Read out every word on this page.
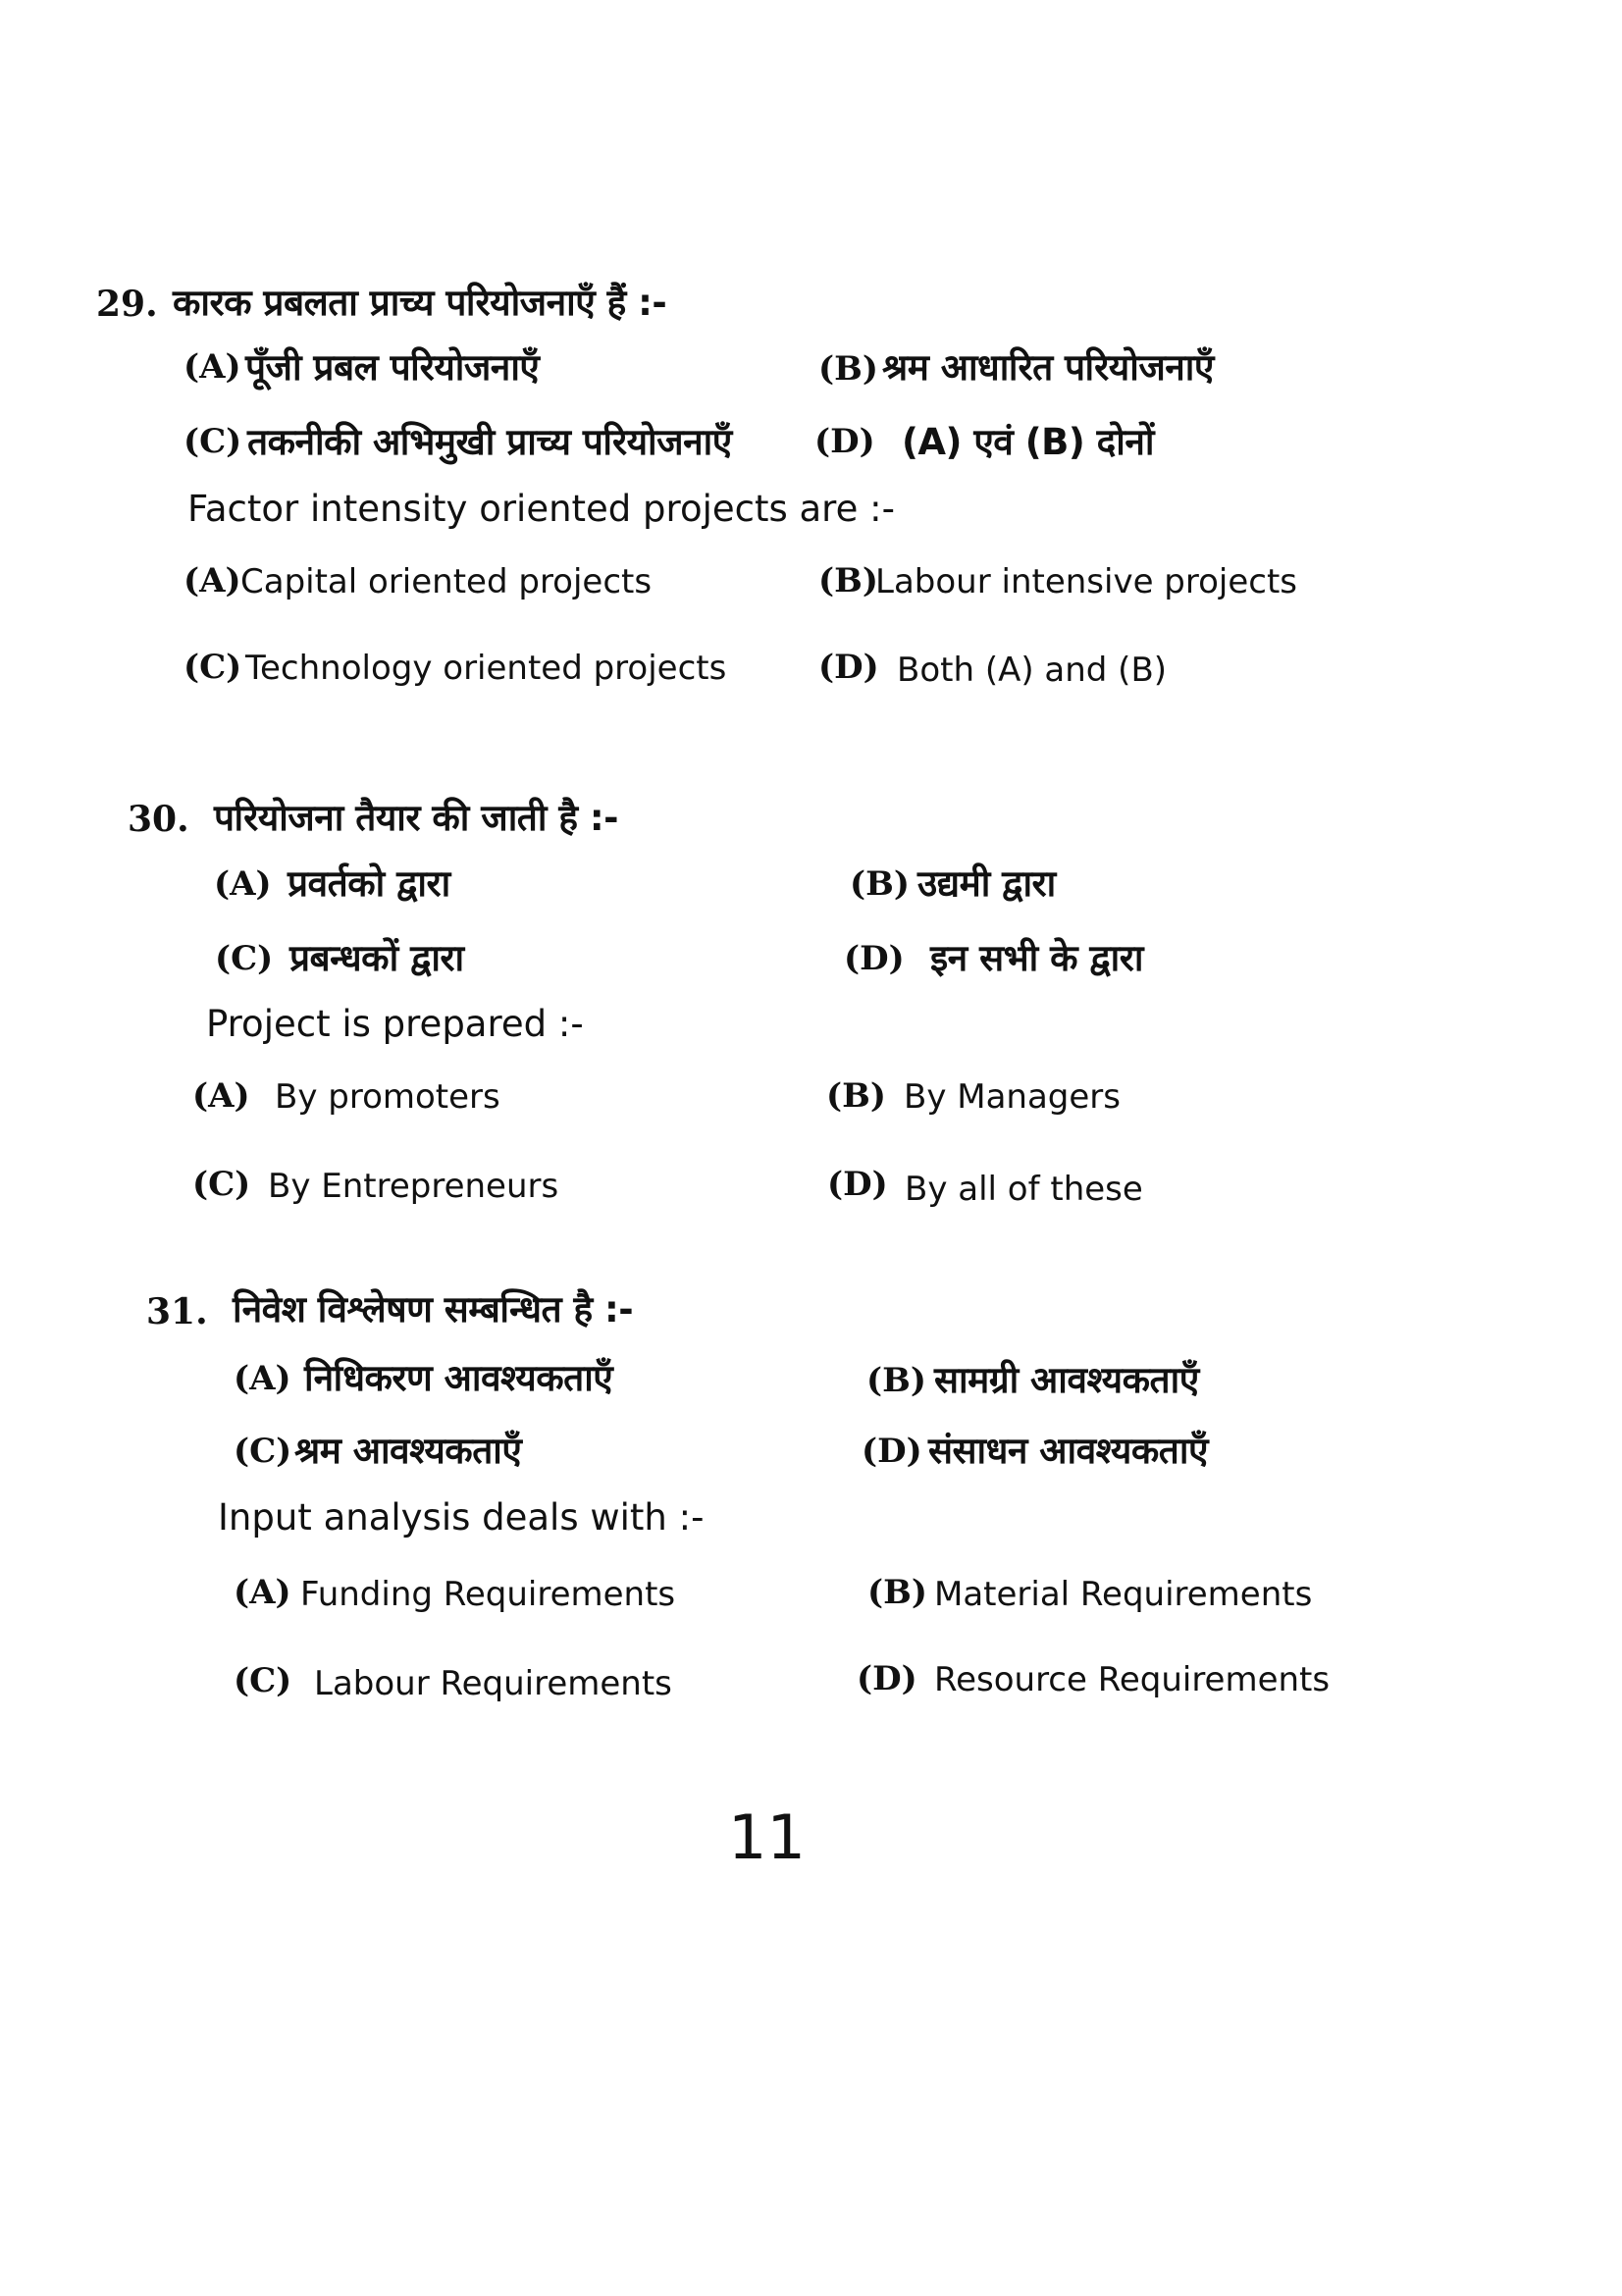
29. कारक प्रबलता प्राच्य परियोजनाएँ हैं :-
(A) पूँजी प्रबल परियोजनाएँ	(B) श्रम आधारित परियोजनाएँ
(C) तकनीकी अभिमुखी प्राच्य परियोजनाएँ (D) (A) एवं (B) दोनों
Factor intensity oriented projects are :-
(A) Capital oriented projects	(B)
Labour intensive projects
(C) Technology oriented projects	(D) Both (A) and (B)
30. परियोजना तैयार की जाती है :-
(A) प्रवर्तको द्वारा	(B) उद्यमी द्वारा
(C) प्रबन्धकों द्वारा	(D) इन सभी के द्वारा
Project is prepared :-
(A) By promoters	(B) By Managers
(C) By Entrepreneurs	(D) By all of these
31. निवेश विश्लेषण सम्बन्धित है :-
(A) निधिकरण आवश्यकताएँ	(B) सामग्री आवश्यकताएँ
(C) श्रम आवश्यकताएँ	(D) संसाधन आवश्यकताएँ
Input analysis deals with :-
(A) Funding Requirements	(B) Material Requirements
(C) Labour Requirements	(D) Resource Requirements
11
